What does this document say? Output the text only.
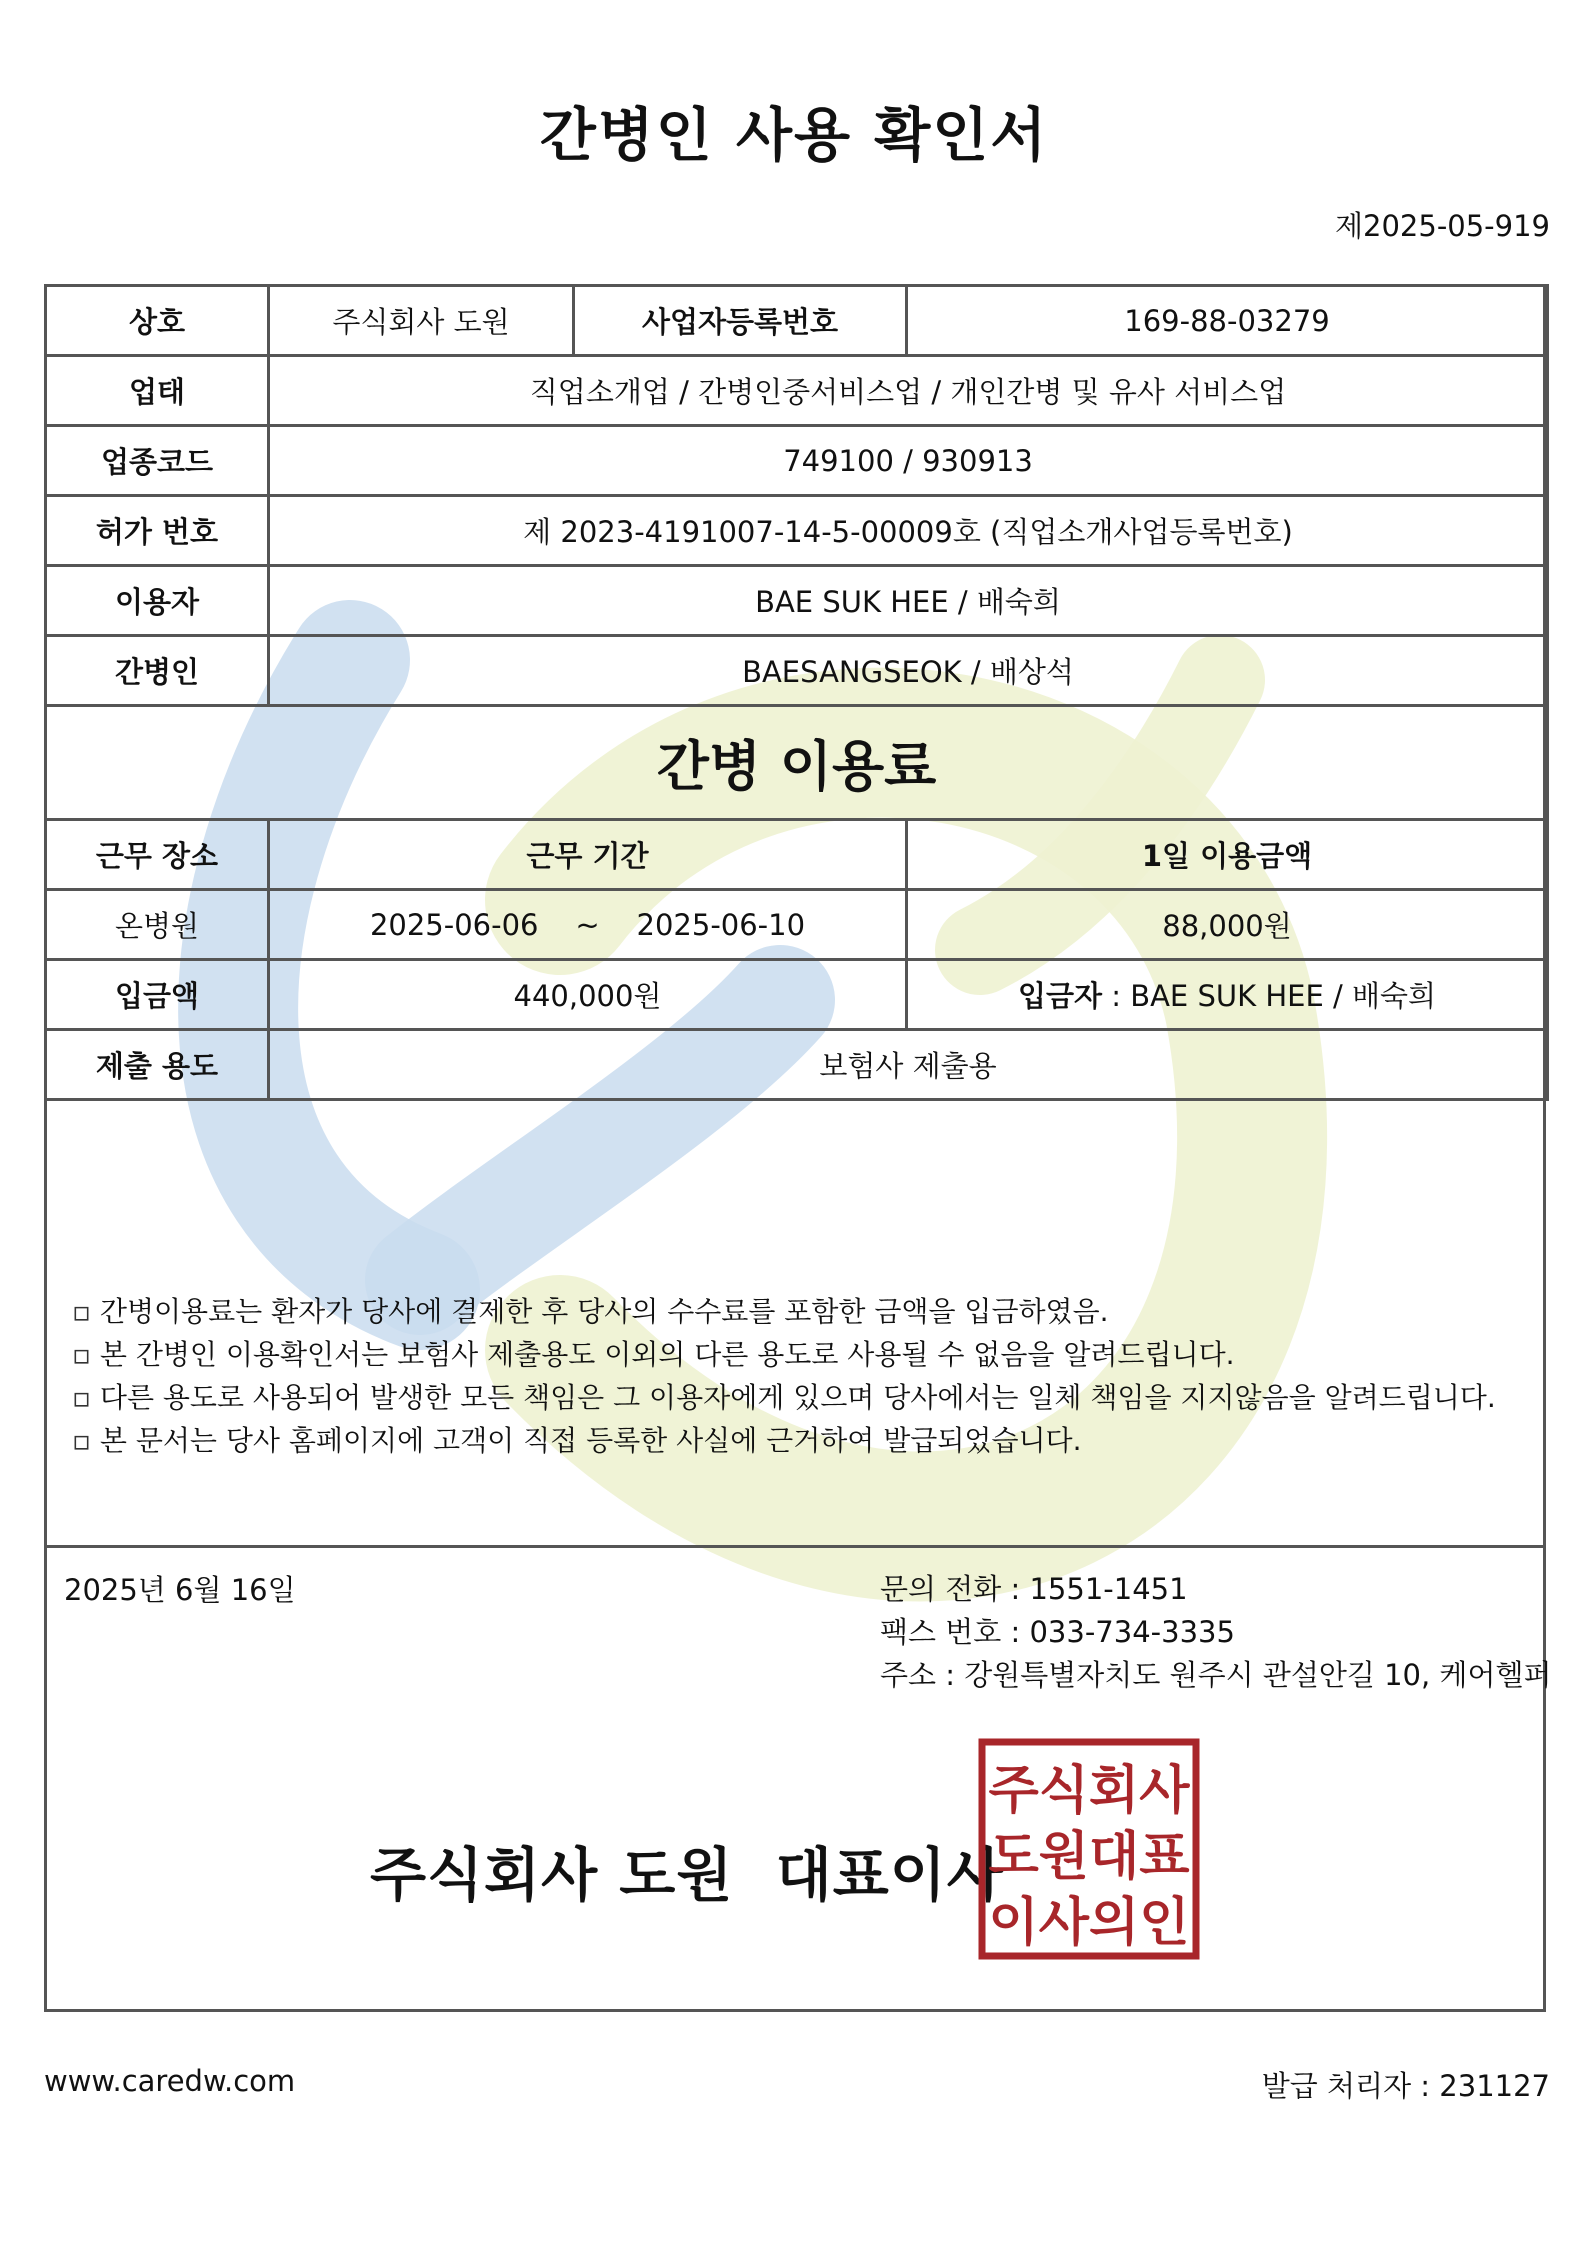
간병인 사용 확인서
제2025-05-919
상호	주식회사 도원	사업자등록번호	169-88-03279
업태	직업소개업 / 간병인중서비스업 / 개인간병 및 유사 서비스업		
업종코드	749100 / 930913		
허가 번호	제 2023-4191007-14-5-00009호 (직업소개사업등록번호)		
이용자	BAE SUK HEE / 배숙희		
간병인	BAESANGSEOK / 배상석		
간병 이용료			
근무 장소	근무 기간		1일 이용금액
온병원	2025-06-06    ~    2025-06-10		88,000원
입금액	440,000원		입금자 : BAE SUK HEE / 배숙희
제출 용도	보험사 제출용		
▫ 간병이용료는 환자가 당사에 결제한 후 당사의 수수료를 포함한 금액을 입금하였음.
▫ 본 간병인 이용확인서는 보험사 제출용도 이외의 다른 용도로 사용될 수 없음을 알려드립니다.
▫ 다른 용도로 사용되어 발생한 모든 책임은 그 이용자에게 있으며 당사에서는 일체 책임을 지지않음을 알려드립니다.
▫ 본 문서는 당사 홈페이지에 고객이 직접 등록한 사실에 근거하여 발급되었습니다.
2025년 6월 16일	문의 전화 : 1551-1451
팩스 번호 : 033-734-3335
주소 : 강원특별자치도 원주시 관설안길 10, 케어헬퍼
주식회사 도원  대표이사
주식회사
도원대표
이사의인
www.caredw.com	발급 처리자 : 231127
